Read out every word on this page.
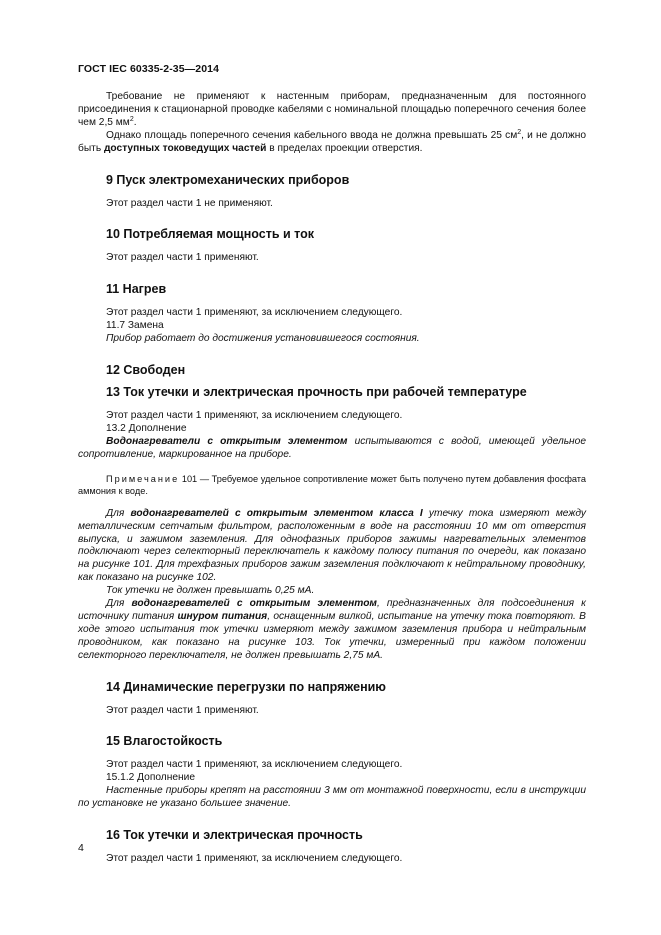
ГОСТ IEC 60335-2-35—2014

Требование не применяют к настенным приборам, предназначенным для постоянного присоединения к стационарной проводке кабелями с номинальной площадью поперечного сечения более чем 2,5 $мм^2$.

Однако площадь поперечного сечения кабельного ввода не должна превышать 25 $см^2$, и не должно быть доступных токоведущих частей в пределах проекции отверстия.

9 Пуск электромеханических приборов

Этот раздел части 1 не применяют.

10 Потребляемая мощность и ток

Этот раздел части 1 применяют.

11 Нагрев

Этот раздел части 1 применяют, за исключением следующего.

11.7 Замена

Прибор работает до достижения установившегося состояния.

12 Свободен
13 Ток утечки и электрическая прочность при рабочей температуре

Этот раздел части 1 применяют, за исключением следующего.

13.2 Дополнение

Водонагреватели с открытым элементом испытываются с водой, имеющей удельное сопротивление, маркированное на приборе.

Примечание 101 — Требуемое удельное сопротивление может быть получено путем добавления фосфата аммония к воде.

Для водонагревателей с открытым элементом класса I утечку тока измеряют между металлическим сетчатым фильтром, расположенным в воде на расстоянии 10 мм от отверстия выпуска, и зажимом заземления. Для однофазных приборов зажимы нагревательных элементов подключают через селекторный переключатель к каждому полюсу питания по очереди, как показано на рисунке 101. Для трехфазных приборов зажим заземления подключают к нейтральному проводнику, как показано на рисунке 102.

Ток утечки не должен превышать 0,25 мА.

Для водонагревателей с открытым элементом, предназначенных для подсоединения к источнику питания шнуром питания, оснащенным вилкой, испытание на утечку тока повторяют. В ходе этого испытания ток утечки измеряют между зажимом заземления прибора и нейтральным проводником, как показано на рисунке 103. Ток утечки, измеренный при каждом положении селекторного переключателя, не должен превышать 2,75 мА.

14 Динамические перегрузки по напряжению

Этот раздел части 1 применяют.

15 Влагостойкость

Этот раздел части 1 применяют, за исключением следующего.

15.1.2 Дополнение

Настенные приборы крепят на расстоянии 3 мм от монтажной поверхности, если в инструкции по установке не указано большее значение.

16 Ток утечки и электрическая прочность

Этот раздел части 1 применяют, за исключением следующего.

4
